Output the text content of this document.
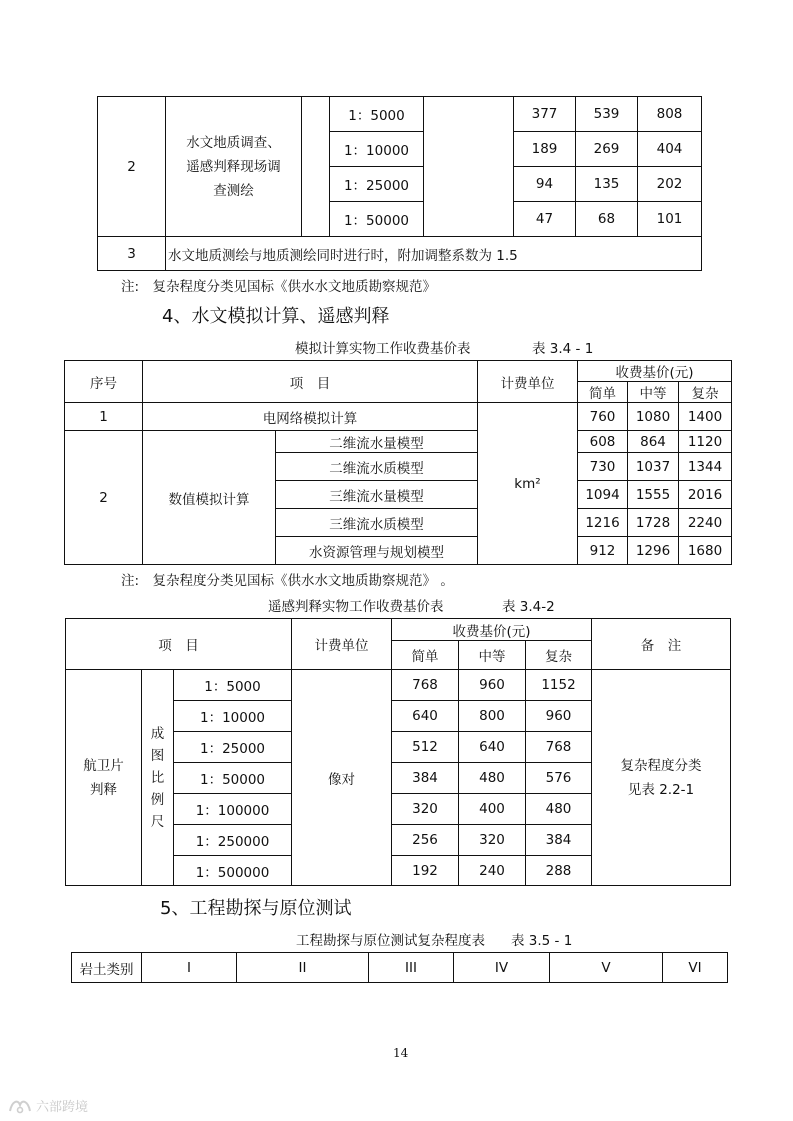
2	水文地质调查、遥感判释现场调查测绘		1：5000		377	539	808
			1：10000		189	269	404
			1：25000		94	135	202
			1：50000		47	68	101
3	水文地质测绘与地质测绘同时进行时，附加调整系数为 1.5						
注:　复杂程度分类见国标《供水水文地质勘察规范》
4、水文模拟计算、遥感判释
模拟计算实物工作收费基价表	表 3.4 - 1
序号	项　目		计费单位	收费基价(元)		
				简单	中等	复杂
1	电网络模拟计算		km²	760	1080	1400
2	数值模拟计算	二维流水量模型		608	864	1120
		二维流水质模型		730	1037	1344
		三维流水量模型		1094	1555	2016
		三维流水质模型		1216	1728	2240
		水资源管理与规划模型		912	1296	1680
注:　复杂程度分类见国标《供水水文地质勘察规范》 。
遥感判释实物工作收费基价表	表 3.4-2
项　目			计费单位	收费基价(元)			备　注
				简单	中等	复杂	
航卫片判释	成图比例尺	1：5000	像对	768	960	1152	复杂程度分类见表 2.2-1
		1：10000		640	800	960	
		1：25000		512	640	768	
		1：50000		384	480	576	
		1：100000		320	400	480	
		1：250000		256	320	384	
		1：500000		192	240	288	
5、工程勘探与原位测试
工程勘探与原位测试复杂程度表 表 3.5 - 1
岩土类别	I	II	III	IV	V	VI
14
六部跨境
